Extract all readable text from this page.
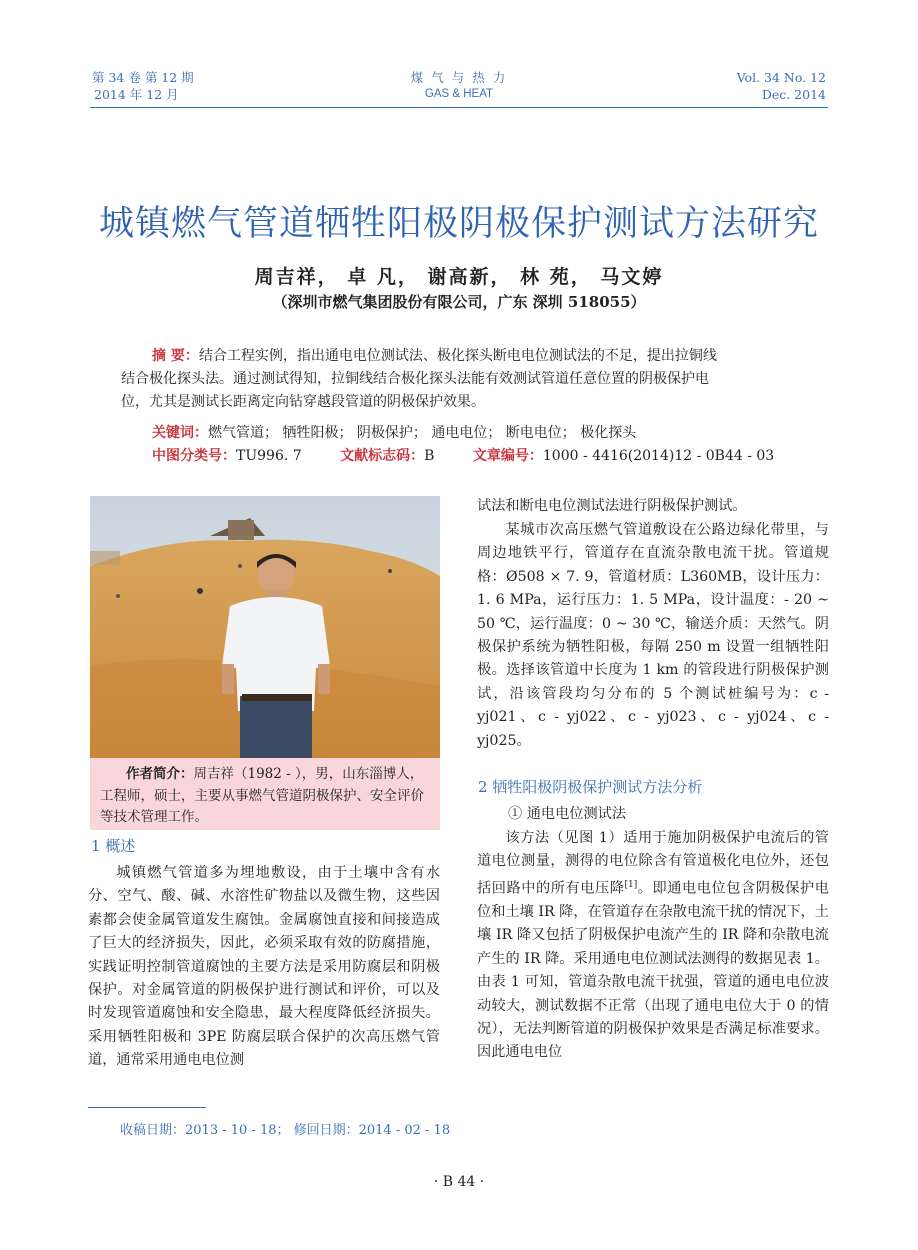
第 34 卷 第 12 期
2014 年 12 月
煤 气 与 热 力
GAS & HEAT
Vol. 34 No. 12
Dec. 2014
城镇燃气管道牺牲阳极阴极保护测试方法研究
周吉祥， 卓 凡， 谢高新， 林 苑， 马文婷
（深圳市燃气集团股份有限公司，广东 深圳 518055）
摘 要：结合工程实例，指出通电电位测试法、极化探头断电电位测试法的不足，提出拉铜线
结合极化探头法。通过测试得知，拉铜线结合极化探头法能有效测试管道任意位置的阴极保护电
位，尤其是测试长距离定向钻穿越段管道的阴极保护效果。
关键词：燃气管道； 牺牲阳极； 阴极保护； 通电电位； 断电电位； 极化探头
中图分类号：TU996. 7	文献标志码：B	文章编号：1000 - 4416(2014)12 - 0B44 - 03
作者简介：周吉祥（1982 - ），男，山东淄博人，工程师，硕士，主要从事燃气管道阴极保护、安全评价等技术管理工作。
1 概述
城镇燃气管道多为埋地敷设，由于土壤中含有水分、空气、酸、碱、水溶性矿物盐以及微生物，这些因素都会使金属管道发生腐蚀。金属腐蚀直接和间接造成了巨大的经济损失，因此，必须采取有效的防腐措施，实践证明控制管道腐蚀的主要方法是采用防腐层和阴极保护。对金属管道的阴极保护进行测试和评价，可以及时发现管道腐蚀和安全隐患，最大程度降低经济损失。采用牺牲阳极和 3PE 防腐层联合保护的次高压燃气管道，通常采用通电电位测
试法和断电电位测试法进行阴极保护测试。
某城市次高压燃气管道敷设在公路边绿化带里，与周边地铁平行，管道存在直流杂散电流干扰。管道规格：Ø508 × 7. 9，管道材质：L360MB，设计压力：1. 6 MPa，运行压力：1. 5 MPa，设计温度：- 20 ~ 50 ℃，运行温度：0 ~ 30 ℃，输送介质：天然气。阴极保护系统为牺牲阳极，每隔 250 m 设置一组牺牲阳极。选择该管道中长度为 1 km 的管段进行阴极保护测试，沿该管段均匀分布的 5 个测试桩编号为：c - yj021、c - yj022、c - yj023、c - yj024、c - yj025。
2 牺牲阳极阴极保护测试方法分析
① 通电电位测试法
该方法（见图 1）适用于施加阴极保护电流后的管道电位测量，测得的电位除含有管道极化电位外，还包括回路中的所有电压降[1]。即通电电位包含阴极保护电位和土壤 IR 降，在管道存在杂散电流干扰的情况下，土壤 IR 降又包括了阴极保护电流产生的 IR 降和杂散电流产生的 IR 降。采用通电电位测试法测得的数据见表 1。由表 1 可知，管道杂散电流干扰强，管道的通电电位波动较大，测试数据不正常（出现了通电电位大于 0 的情况），无法判断管道的阴极保护效果是否满足标准要求。因此通电电位
收稿日期：2013 - 10 - 18； 修回日期：2014 - 02 - 18
· B 44 ·
